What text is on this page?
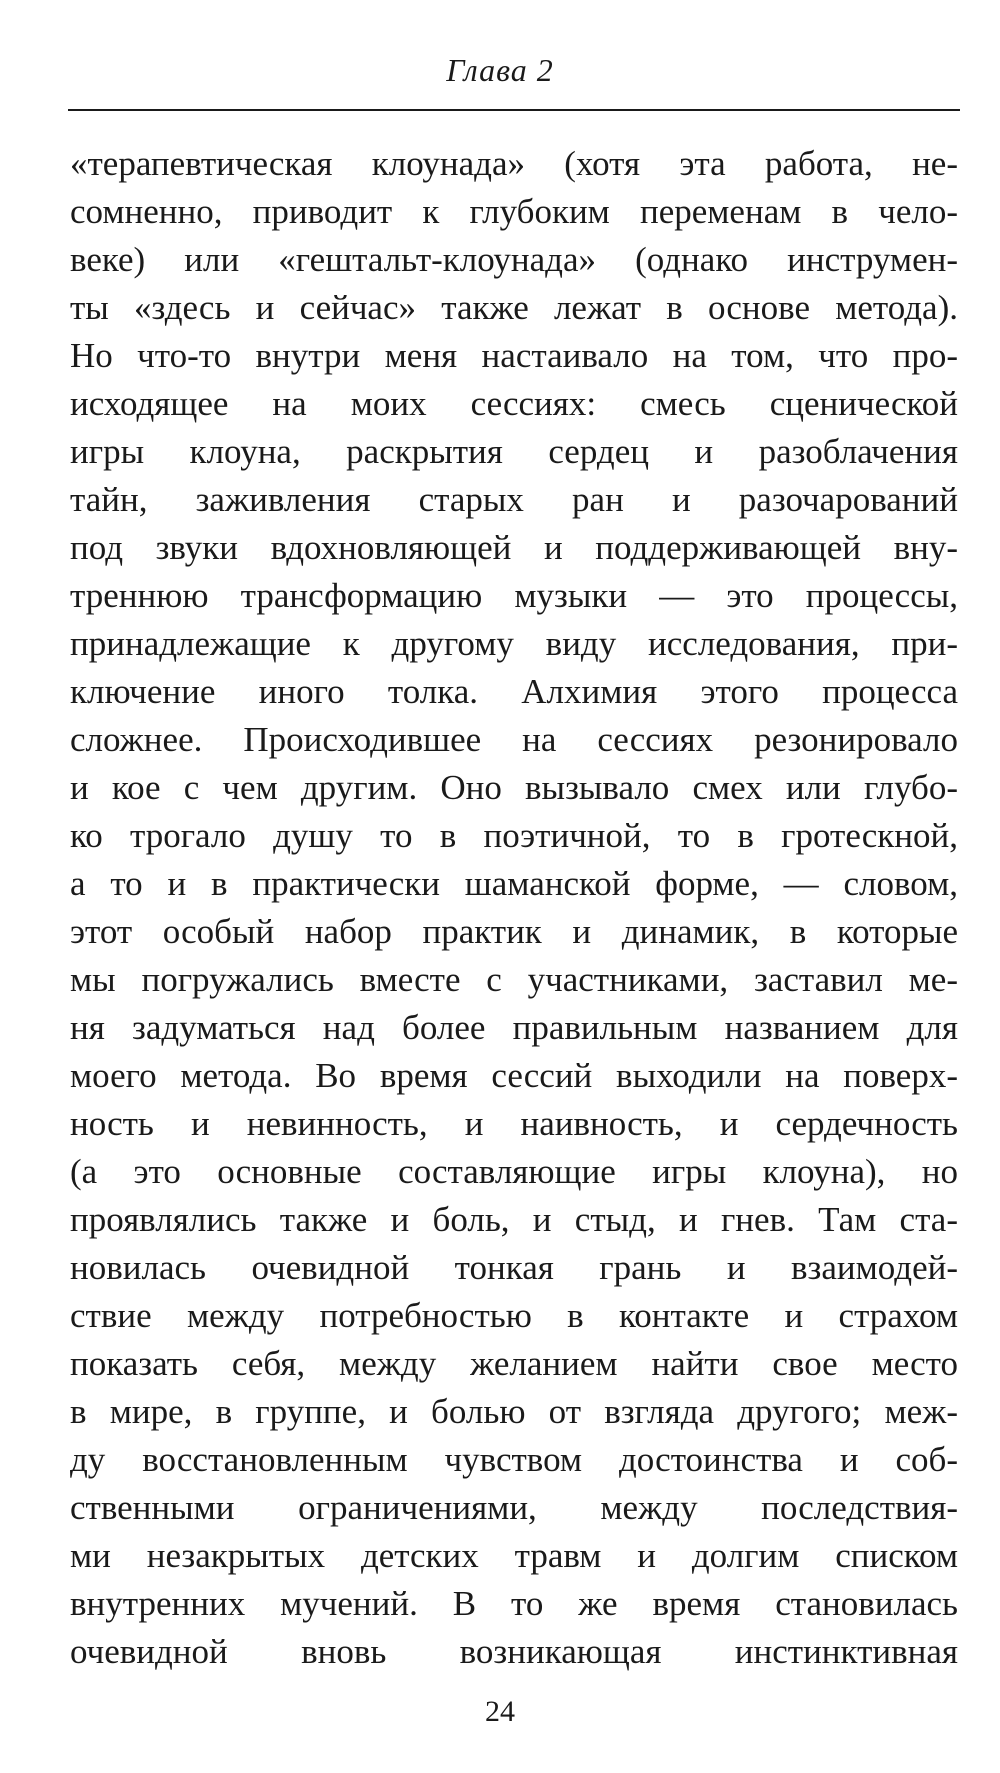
Глава 2
«терапевтическая клоунада» (хотя эта работа, не-
сомненно, приводит к глубоким переменам в чело-
веке) или «гештальт-клоунада» (однако инструмен-
ты «здесь и сейчас» также лежат в основе метода).
Но что-то внутри меня настаивало на том, что про-
исходящее на моих сессиях: смесь сценической
игры клоуна, раскрытия сердец и разоблачения
тайн, заживления старых ран и разочарований
под звуки вдохновляющей и поддерживающей вну-
треннюю трансформацию музыки — это процессы,
принадлежащие к другому виду исследования, при-
ключение иного толка. Алхимия этого процесса
сложнее. Происходившее на сессиях резонировало
и кое с чем другим. Оно вызывало смех или глубо-
ко трогало душу то в поэтичной, то в гротескной,
а то и в практически шаманской форме, — словом,
этот особый набор практик и динамик, в которые
мы погружались вместе с участниками, заставил ме-
ня задуматься над более правильным названием для
моего метода. Во время сессий выходили на поверх-
ность и невинность, и наивность, и сердечность
(а это основные составляющие игры клоуна), но
проявлялись также и боль, и стыд, и гнев. Там ста-
новилась очевидной тонкая грань и взаимодей-
ствие между потребностью в контакте и страхом
показать себя, между желанием найти свое место
в мире, в группе, и болью от взгляда другого; меж-
ду восстановленным чувством достоинства и соб-
ственными ограничениями, между последствия-
ми незакрытых детских травм и долгим списком
внутренних мучений. В то же время становилась
очевидной вновь возникающая инстинктивная
24
